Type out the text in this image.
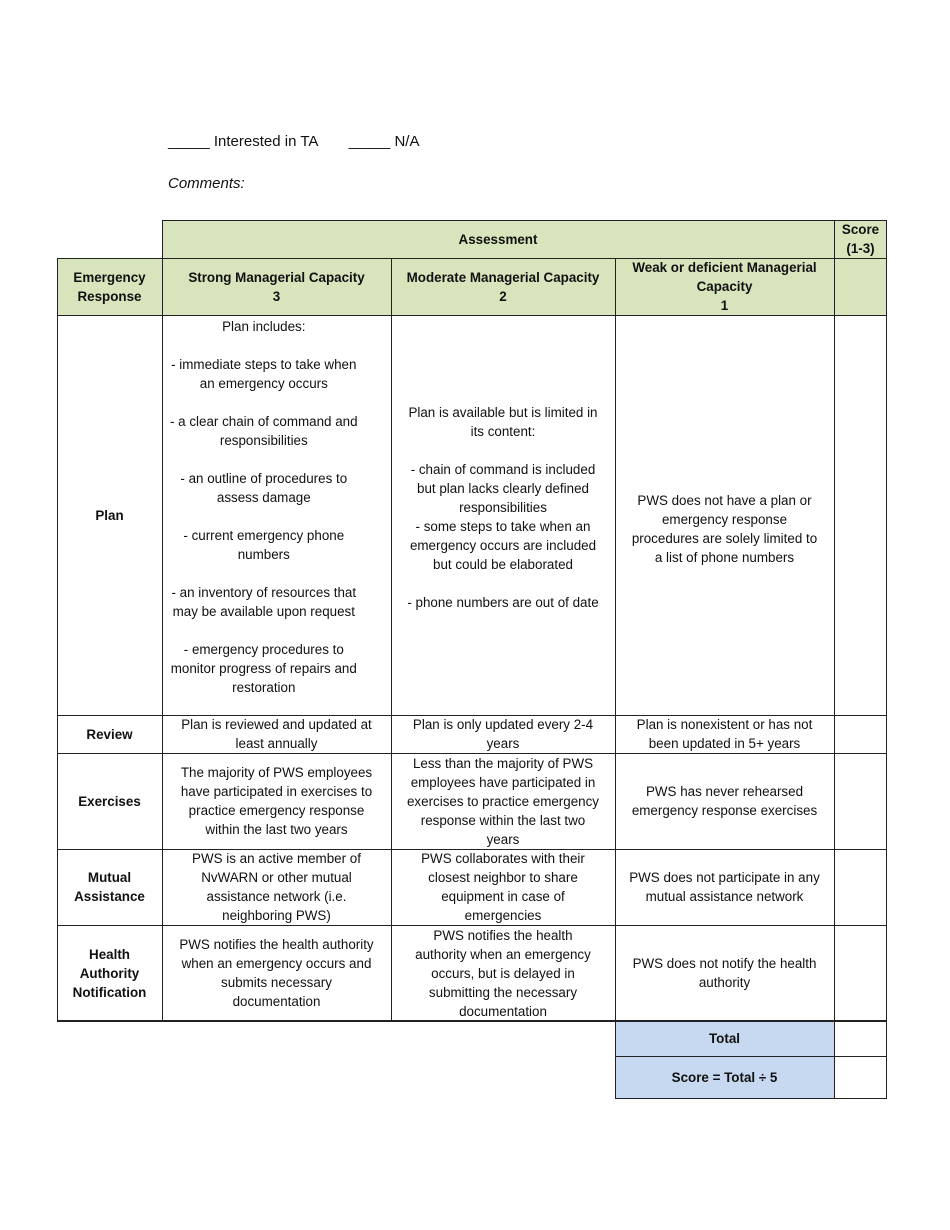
_____ Interested in TA _____ N/A
Comments:
Assessment
Score
(1-3)
Emergency
Response
Strong Managerial Capacity
3
Moderate Managerial Capacity
2
Weak or deficient Managerial
Capacity
1
Plan
Plan includes:

- immediate steps to take when
an emergency occurs

- a clear chain of command and
responsibilities

- an outline of procedures to
assess damage

- current emergency phone
numbers

- an inventory of resources that
may be available upon request

- emergency procedures to
monitor progress of repairs and
restoration
Plan is available but is limited in
its content:

- chain of command is included
but plan lacks clearly defined
responsibilities
- some steps to take when an
emergency occurs are included
but could be elaborated

- phone numbers are out of date
PWS does not have a plan or
emergency response
procedures are solely limited to
a list of phone numbers
Review
Plan is reviewed and updated at
least annually
Plan is only updated every 2-4
years
Plan is nonexistent or has not
been updated in 5+ years
Exercises
The majority of PWS employees
have participated in exercises to
practice emergency response
within the last two years
Less than the majority of PWS
employees have participated in
exercises to practice emergency
response within the last two
years
PWS has never rehearsed
emergency response exercises
Mutual
Assistance
PWS is an active member of
NvWARN or other mutual
assistance network (i.e.
neighboring PWS)
PWS collaborates with their
closest neighbor to share
equipment in case of
emergencies
PWS does not participate in any
mutual assistance network
Health
Authority
Notification
PWS notifies the health authority
when an emergency occurs and
submits necessary
documentation
PWS notifies the health
authority when an emergency
occurs, but is delayed in
submitting the necessary
documentation
PWS does not notify the health
authority
Total
Score = Total ÷ 5
